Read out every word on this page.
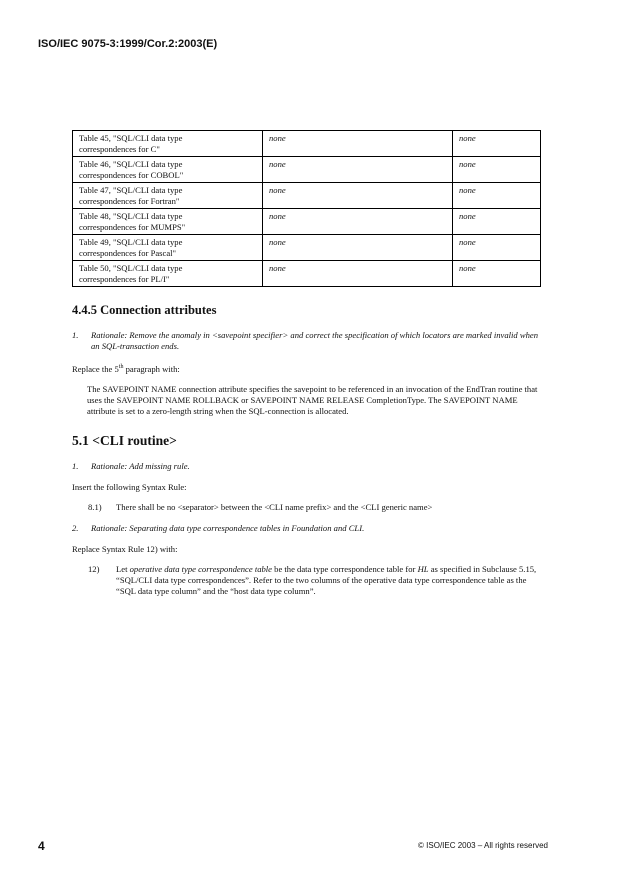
ISO/IEC 9075-3:1999/Cor.2:2003(E)
Table 45, "SQL/CLI data type
correspondences for C"	none	none
Table 46, "SQL/CLI data type
correspondences for COBOL"	none	none
Table 47, "SQL/CLI data type
correspondences for Fortran"	none	none
Table 48, "SQL/CLI data type
correspondences for MUMPS"	none	none
Table 49, "SQL/CLI data type
correspondences for Pascal"	none	none
Table 50, "SQL/CLI data type
correspondences for PL/I"	none	none
4.4.5 Connection attributes
1. Rationale: Remove the anomaly in <savepoint specifier> and correct the specification of which locators are marked invalid when an SQL-transaction ends.

Replace the 5th paragraph with:

The SAVEPOINT NAME connection attribute specifies the savepoint to be referenced in an invocation of the EndTran routine that uses the SAVEPOINT NAME ROLLBACK or SAVEPOINT NAME RELEASE CompletionType. The SAVEPOINT NAME attribute is set to a zero-length string when the SQL-connection is allocated.
5.1 <CLI routine>
1. Rationale: Add missing rule.

Insert the following Syntax Rule:

8.1) There shall be no <separator> between the <CLI name prefix> and the <CLI generic name>
2. Rationale: Separating data type correspondence tables in Foundation and CLI.

Replace Syntax Rule 12) with:

12) Let operative data type correspondence table be the data type correspondence table for HL as specified in Subclause 5.15, “SQL/CLI data type correspondences”. Refer to the two columns of the operative data type correspondence table as the “SQL data type column” and the “host data type column”.
4	© ISO/IEC 2003 – All rights reserved
